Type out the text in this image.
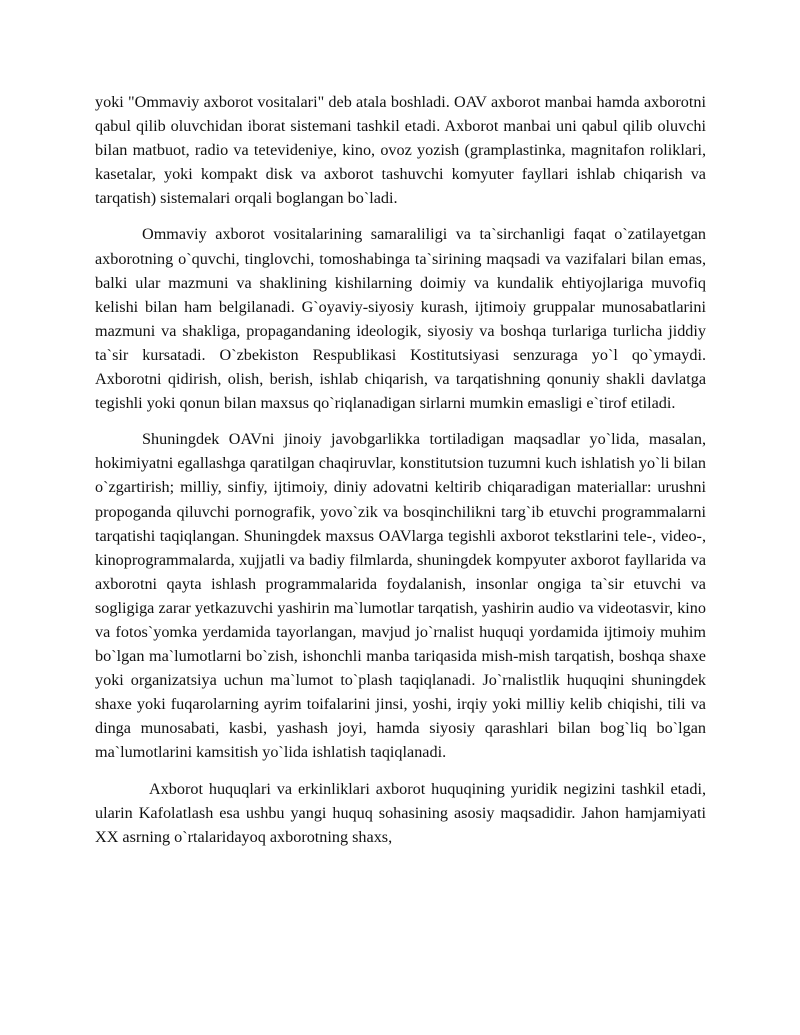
yoki "Ommaviy axborot vositalari" deb atala boshladi. OAV axborot manbai hamda axborotni qabul qilib oluvchidan iborat sistemani tashkil etadi. Axborot manbai uni qabul qilib oluvchi bilan matbuot, radio va tetevideniye, kino, ovoz yozish (gramplastinka, magnitafon roliklari, kasetalar, yoki kompakt disk va axborot tashuvchi komyuter fayllari ishlab chiqarish va tarqatish) sistemalari orqali boglangan bo`ladi.

Ommaviy axborot vositalarining samaraliligi va ta`sirchanligi faqat o`zatilayetgan axborotning o`quvchi, tinglovchi, tomoshabinga ta`sirining maqsadi va vazifalari bilan emas, balki ular mazmuni va shaklining kishilarning doimiy va kundalik ehtiyojlariga muvofiq kelishi bilan ham belgilanadi. G`oyaviy-siyosiy kurash, ijtimoiy gruppalar munosabatlarini mazmuni va shakliga, propagandaning ideologik, siyosiy va boshqa turlariga turlicha jiddiy ta`sir kursatadi. O`zbekiston Respublikasi Kostitutsiyasi senzuraga yo`l qo`ymaydi. Axborotni qidirish, olish, berish, ishlab chiqarish, va tarqatishning qonuniy shakli davlatga tegishli yoki qonun bilan maxsus qo`riqlanadigan sirlarni mumkin emasligi e`tirof etiladi.

Shuningdek OAVni jinoiy javobgarlikka tortiladigan maqsadlar yo`lida, masalan, hokimiyatni egallashga qaratilgan chaqiruvlar, konstitutsion tuzumni kuch ishlatish yo`li bilan o`zgartirish; milliy, sinfiy, ijtimoiy, diniy adovatni keltirib chiqaradigan materiallar: urushni propoganda qiluvchi pornografik, yovo`zik va bosqinchilikni targ`ib etuvchi programmalarni tarqatishi taqiqlangan. Shuningdek maxsus OAVlarga tegishli axborot tekstlarini tele-, video-, kinoprogrammalarda, xujjatli va badiy filmlarda, shuningdek kompyuter axborot fayllarida va axborotni qayta ishlash programmalarida foydalanish, insonlar ongiga ta`sir etuvchi va sogligiga zarar yetkazuvchi yashirin ma`lumotlar tarqatish, yashirin audio va videotasvir, kino va fotos`yomka yerdamida tayorlangan, mavjud jo`rnalist huquqi yordamida ijtimoiy muhim bo`lgan ma`lumotlarni bo`zish, ishonchli manba tariqasida mish-mish tarqatish, boshqa shaxe yoki organizatsiya uchun ma`lumot to`plash taqiqlanadi. Jo`rnalistlik huquqini shuningdek shaxe yoki fuqarolarning ayrim toifalarini jinsi, yoshi, irqiy yoki milliy kelib chiqishi, tili va dinga munosabati, kasbi, yashash joyi, hamda siyosiy qarashlari bilan bog`liq bo`lgan ma`lumotlarini kamsitish yo`lida ishlatish taqiqlanadi.

Axborot huquqlari va erkinliklari axborot huquqining yuridik negizini tashkil etadi, ularin Kafolatlash esa ushbu yangi huquq sohasining asosiy maqsadidir. Jahon hamjamiyati XX asrning o`rtalaridayoq axborotning shaxs,
